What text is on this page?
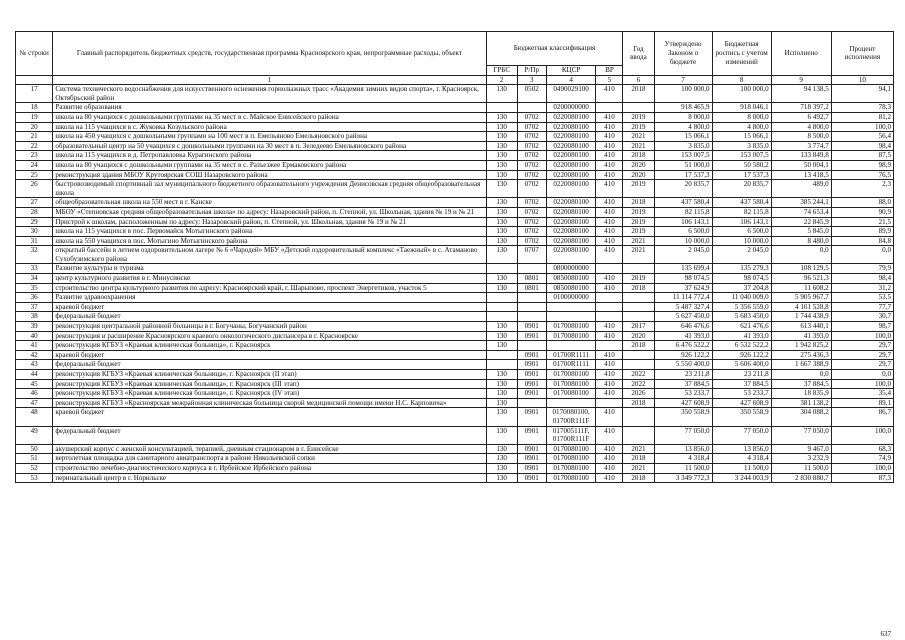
№ строки	Главный распорядитель бюджетных средств, государственная программа Красноярского края, непрограммные расходы, объект	Бюджетная классификация				Год ввода	Утверждено Законом о бюджете	Бюджетная роспись с учетом изменений	Исполнено	Процент исполнения
		ГРБС	Р/Пр	КЦСР	ВР					
	1	2	3	4	5	6	7	8	9	10
17	Система технического водоснабжения для искусственного оснежения горнолыжных трасс «Академия зимних видов спорта», г. Красноярск, Октябрьский район	130	0502	0490029100	410	2018	100 000,0	100 000,0	94 138,5	94,1
18	Развитие образования			0200000000			918 465,9	918 046,1	718 397,2	78,3
19	школа на 80 учащихся с дошкольными группами на 35 мест в с. Майское Енисейского района	130	0702	0220080100	410	2019	8 000,0	8 000,0	6 492,7	81,2
20	школа на 115 учащихся в с. Жуковка Козульского района	130	0702	0220080100	410	2019	4 800,0	4 800,0	4 800,0	100,0
21	школа на 450 учащихся с дошкольными группами на 100 мест в п. Емельяново Емельяновского района	130	0702	0220080100	410	2021	15 066,1	15 066,1	8 500,0	56,4
22	образовательный центр на 50 учащихся с дошкольными группами на 30 мест в п. Зеледеево Емельяновского района	130	0702	0220080100	410	2021	3 835,0	3 835,0	3 774,7	98,4
23	школа на 115 учащихся в д. Петропавловка Курагинского района	130	0702	0220080100	410	2018	153 007,5	153 007,5	133 849,8	87,5
24	школа на 80 учащихся с дошкольными группами на 35 мест в с. Разъезжее Ермаковского района	130	0702	0220080100	410	2020	51 000,0	50 580,2	50 004,1	98,9
25	реконструкция здания МБОУ Крутоярская СОШ Назаровского района	130	0702	0220080100	410	2020	17 537,3	17 537,3	13 418,5	76,5
26	быстровозводимый спортивный зал муниципального бюджетного образовательного учреждения Денисовская средняя общеобразовательная школа	130	0702	0220080100	410	2019	20 835,7	20 835,7	489,0	2,3
27	общеобразовательная школа на 550 мест в г. Канске	130	0702	0220080100	410	2018	437 580,4	437 580,4	385 244,1	88,0
28	МБОУ «Степновская средняя общеобразовательная школа» по адресу: Назаровский район, п. Степной, ул. Школьная, здания № 19 и № 21	130	0702	0220080100	410	2019	82 115,8	82 115,8	74 653,4	90,9
29	Пристрой к школам, расположенным по адресу: Назаровский район, п. Степной, ул. Школьная, здания № 19 и № 21	130	0702	0220080100	410	2019	106 143,1	106 143,1	22 845,9	21,5
30	школа на 115 учащихся в пос. Первомайск Мотыгинского района	130	0702	0220080100	410	2019	6 500,0	6 500,0	5 845,0	89,9
31	школа на 550 учащихся в пос. Мотыгино Мотыгинского района	130	0702	0220080100	410	2021	10 000,0	10 000,0	8 480,0	84,8
32	открытый бассейн в летнем оздоровительном лагере № 6 «Чародей» МБУ «Детский оздоровительный комплекс «Таежный» в с. Атаманово Сухобузимского района	130	0707	0220080100	410	2021	2 045,0	2 045,0	0,0	0,0
33	Развитие культуры и туризма			0800000000			135 699,4	135 279,3	108 129,5	79,9
34	центр культурного развития в г. Минусинске	130	0801	0850080100	410	2019	98 074,5	98 074,5	96 521,3	98,4
35	строительство центра культурного развития по адресу: Красноярский край, г. Шарыпово, проспект Энергетиков, участок 5	130	0801	0850080100	410	2018	37 624,9	37 204,8	11 608,2	31,2
36	Развитие здравоохранения			0100000000			11 114 772,4	11 040 009,0	5 905 967,7	53,5
37	краевой бюджет						5 487 327,4	5 356 559,0	4 161 528,8	77,7
38	федеральный бюджет						5 627 450,0	5 683 450,0	1 744 438,9	30,7
39	реконструкция центральной районной больницы в г. Богучаны, Богучанский район	130	0901	0170080100	410	2017	646 476,6	621 476,6	613 440,1	98,7
40	реконструкция и расширение Красноярского краевого онкологического диспансера в г. Красноярске	130	0901	0170080100	410	2020	41 393,0	41 393,0	41 393,0	100,0
41	реконструкция КГБУЗ «Краевая клиническая больница», г. Красноярск	130				2018	6 476 522,2	6 532 522,2	1 942 825,2	29,7
42	краевой бюджет		0901	01700R1111	410		926 122,2	926 122,2	275 436,3	29,7
43	федеральный бюджет		0901	01700R1111	410		5 550 400,0	5 606 400,0	1 667 388,9	29,7
44	реконструкция КГБУЗ «Краевая клиническая больница», г. Красноярск (II этап)	130	0901	0170080100	410	2022	23 211,8	23 211,8	0,0	0,0
45	реконструкция КГБУЗ «Краевая клиническая больница», г. Красноярск (III этап)	130	0901	0170080100	410	2022	37 884,5	37 884,5	37 884,5	100,0
46	реконструкция КГБУЗ «Краевая клиническая больница», г. Красноярск (IV этап)	130	0901	0170080100	410	2026	53 233,7	53 233,7	18 835,9	35,4
47	реконструкция КГБУЗ «Красноярская межрайонная клиническая больница скорой медицинской помощи имени Н.С. Карповича»	130				2018	427 608,9	427 608,9	381 138,2	89,1
48	краевой бюджет	130	0901	0170080100, 01700R111F	410		350 558,9	350 558,9	304 088,2	86,7
49	федеральный бюджет	130	0901	017005111F, 01700R111F	410		77 050,0	77 050,0	77 050,0	100,0
50	акушерский корпус с женской консультацией, терапией, дневным стационаром в г. Енисейске	130	0901	0170080100	410	2021	13 856,0	13 856,0	9 467,0	68,3
51	вертолетная площадка для санитарного авиатранспорта в районе Никольевской сопки	130	0901	0170080100	410	2018	4 318,4	4 318,4	3 232,9	74,9
52	строительство лечебно-диагностического корпуса в г. Ирбейское Ирбейского района	130	0901	0170080100	410	2021	11 500,0	11 500,0	11 500,0	100,0
53	перинатальный центр в г. Норильске	130	0901	0170080100	410	2018	3 349 772,3	3 244 003,9	2 830 880,7	87,3
637
